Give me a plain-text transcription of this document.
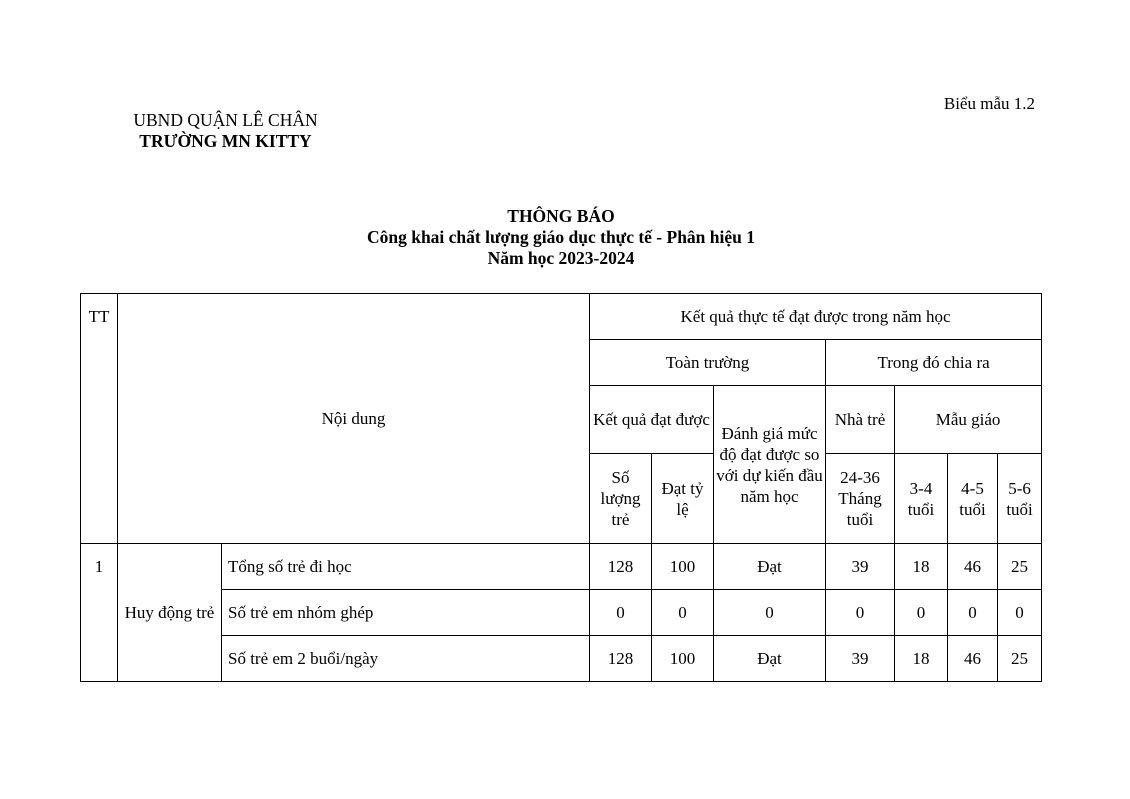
Biểu mẫu 1.2
UBND QUẬN LÊ CHÂN
TRƯỜNG MN KITTY
THÔNG BÁO
Công khai chất lượng giáo dục thực tế - Phân hiệu 1
Năm học 2023-2024
TT	Nội dung		Kết quả thực tế đạt được trong năm học						
			Toàn trường			Trong đó chia ra			
			Kết quả đạt được		Đánh giá mức độ đạt được so với dự kiến đầu năm học	Nhà trẻ	Mẫu giáo		
			Số lượng trẻ	Đạt tỷ lệ		24-36 Tháng tuổi	3-4 tuổi	4-5 tuổi	5-6 tuổi
1	Huy động trẻ	Tổng số trẻ đi học	128	100	Đạt	39	18	46	25
		Số trẻ em nhóm ghép	0	0	0	0	0	0	0
		Số trẻ em 2 buổi/ngày	128	100	Đạt	39	18	46	25
